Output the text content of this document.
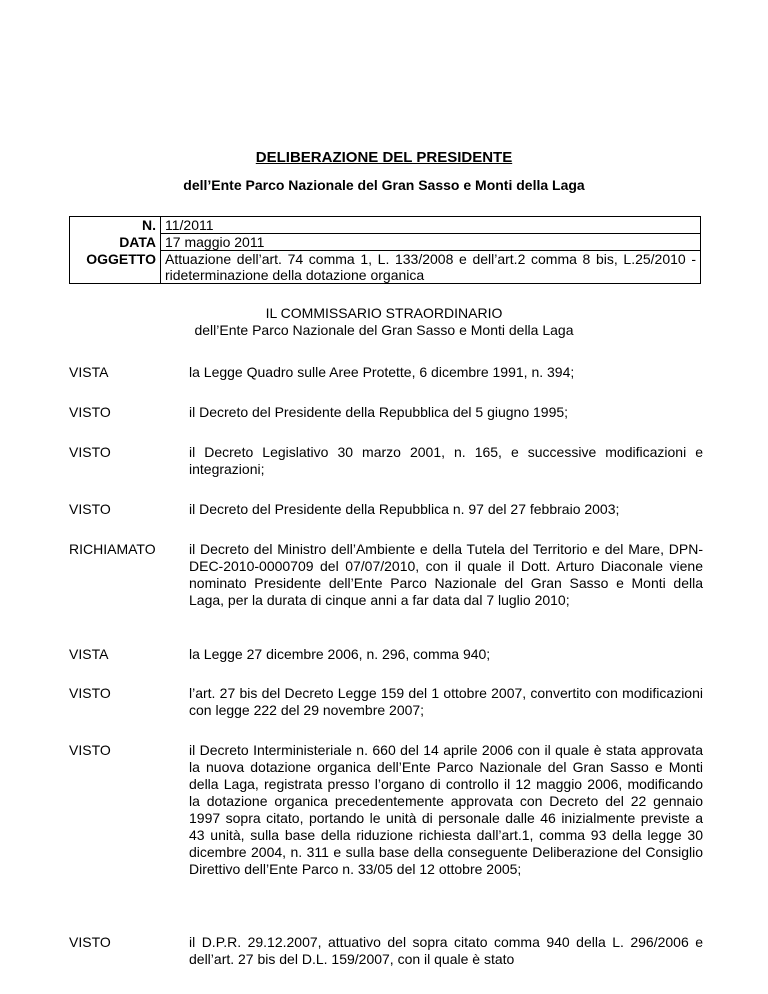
DELIBERAZIONE DEL PRESIDENTE
dell’Ente Parco Nazionale del Gran Sasso e Monti della Laga
N.	11/2011
DATA	17 maggio 2011
OGGETTO	Attuazione dell’art. 74 comma 1, L. 133/2008 e dell’art.2 comma 8 bis, L.25/2010 - rideterminazione della dotazione organica
IL COMMISSARIO STRAORDINARIO
dell’Ente Parco Nazionale del Gran Sasso e Monti della Laga
VISTA	la Legge Quadro sulle Aree Protette, 6 dicembre 1991, n. 394;
VISTO	il Decreto del Presidente della Repubblica del 5 giugno 1995;
VISTO	il Decreto Legislativo 30 marzo 2001, n. 165, e successive modificazioni e integrazioni;
VISTO	il Decreto del Presidente della Repubblica n. 97 del 27 febbraio 2003;
RICHIAMATO	il Decreto del Ministro dell’Ambiente e della Tutela del Territorio e del Mare, DPN-DEC-2010-0000709 del 07/07/2010, con il quale il Dott. Arturo Diaconale viene nominato Presidente dell’Ente Parco Nazionale del Gran Sasso e Monti della Laga, per la durata di cinque anni a far data dal 7 luglio 2010;
VISTA	la Legge 27 dicembre 2006, n. 296, comma 940;
VISTO	l’art. 27 bis del Decreto Legge 159 del 1 ottobre 2007, convertito con modificazioni con legge 222 del 29 novembre 2007;
VISTO	il Decreto Interministeriale n. 660 del 14 aprile 2006 con il quale è stata approvata la nuova dotazione organica dell’Ente Parco Nazionale del Gran Sasso e Monti della Laga, registrata presso l’organo di controllo il 12 maggio 2006, modificando la dotazione organica precedentemente approvata con Decreto del 22 gennaio 1997 sopra citato, portando le unità di personale dalle 46 inizialmente previste a 43 unità, sulla base della riduzione richiesta dall’art.1, comma 93 della legge 30 dicembre 2004, n. 311 e sulla base della conseguente Deliberazione del Consiglio Direttivo dell’Ente Parco n. 33/05 del 12 ottobre 2005;
VISTO	il D.P.R. 29.12.2007, attuativo del sopra citato comma 940 della L. 296/2006 e dell’art. 27 bis del D.L. 159/2007, con il quale è stato
